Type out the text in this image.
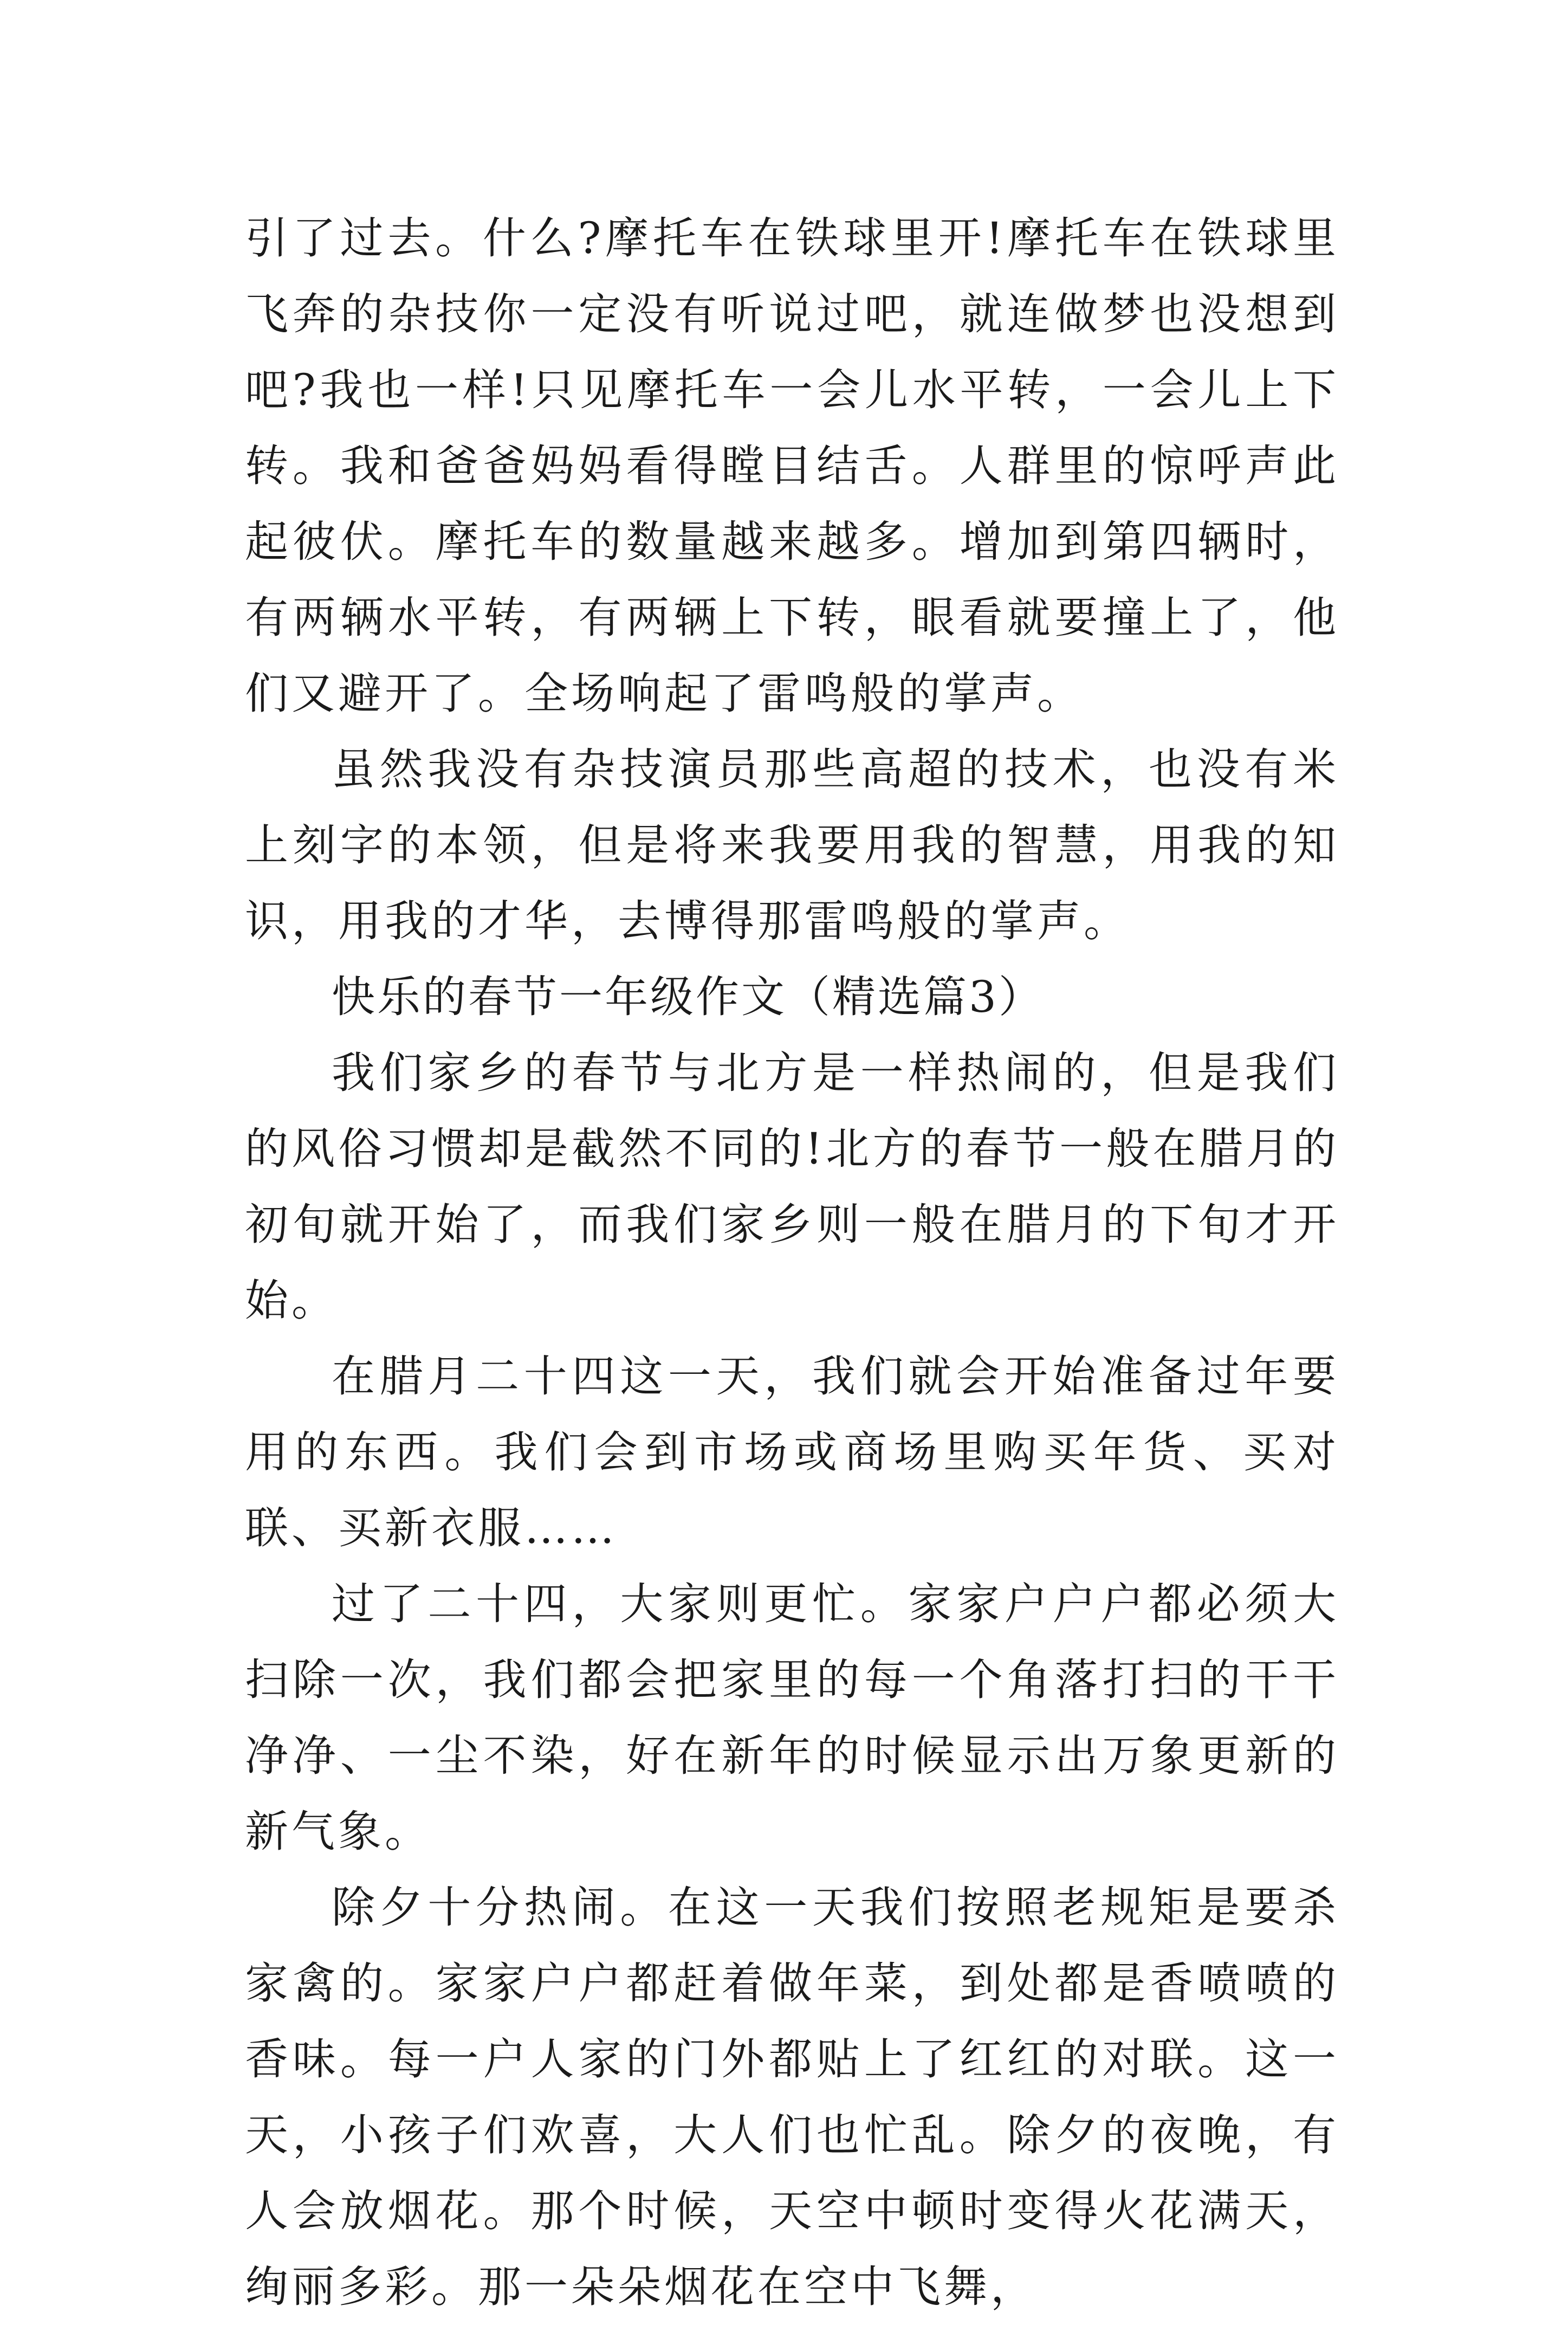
引了过去。什么?摩托车在铁球里开!摩托车在铁球里飞奔的杂技你一定没有听说过吧，就连做梦也没想到吧?我也一样!只见摩托车一会儿水平转，一会儿上下转。我和爸爸妈妈看得瞠目结舌。人群里的惊呼声此起彼伏。摩托车的数量越来越多。增加到第四辆时，有两辆水平转，有两辆上下转，眼看就要撞上了，他们又避开了。全场响起了雷鸣般的掌声。

虽然我没有杂技演员那些高超的技术，也没有米上刻字的本领，但是将来我要用我的智慧，用我的知识，用我的才华，去博得那雷鸣般的掌声。

快乐的春节一年级作文（精选篇3）

我们家乡的春节与北方是一样热闹的，但是我们的风俗习惯却是截然不同的!北方的春节一般在腊月的初旬就开始了，而我们家乡则一般在腊月的下旬才开始。

在腊月二十四这一天，我们就会开始准备过年要用的东西。我们会到市场或商场里购买年货、买对联、买新衣服……

过了二十四，大家则更忙。家家户户户都必须大扫除一次，我们都会把家里的每一个角落打扫的干干净净、一尘不染，好在新年的时候显示出万象更新的新气象。

除夕十分热闹。在这一天我们按照老规矩是要杀家禽的。家家户户都赶着做年菜，到处都是香喷喷的香味。每一户人家的门外都贴上了红红的对联。这一天，小孩子们欢喜，大人们也忙乱。除夕的夜晚，有人会放烟花。那个时候，天空中顿时变得火花满天，绚丽多彩。那一朵朵烟花在空中飞舞，
